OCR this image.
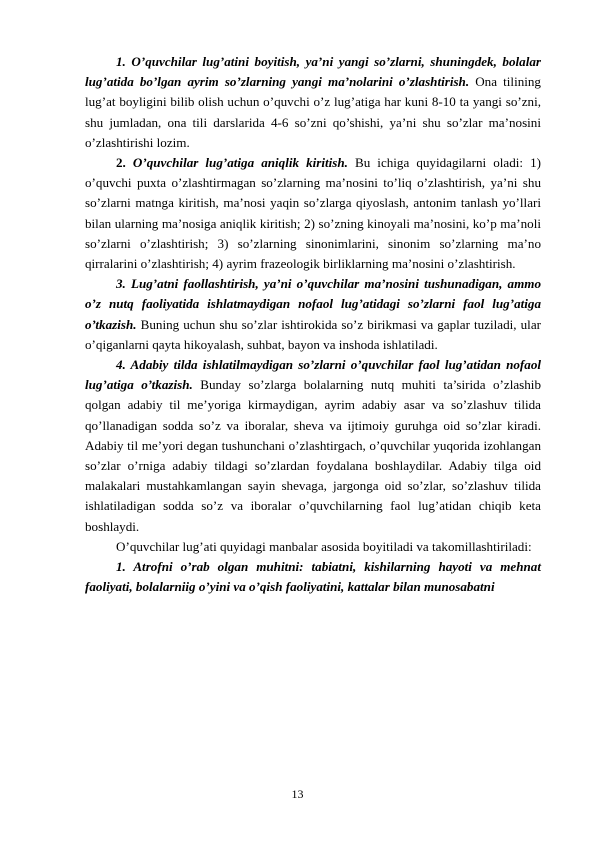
1. O’quvchilar lug’atini boyitish, ya’ni yangi so’zlarni, shuningdek, bolalar lug’atida bo’lgan ayrim so’zlarning yangi ma’nolarini o’zlashtirish. Ona tilining lug’at boyligini bilib olish uchun o’quvchi o’z lug’atiga har kuni 8-10 ta yangi so’zni, shu jumladan, ona tili darslarida 4-6 so’zni qo’shishi, ya’ni shu so’zlar ma’nosini o’zlashtirishi lozim.

2. O’quvchilar lug’atiga aniqlik kiritish. Bu ichiga quyidagilarni oladi: 1) o’quvchi puxta o’zlashtirmagan so’zlarning ma’nosini to’liq o’zlashtirish, ya’ni shu so’zlarni matnga kiritish, ma’nosi yaqin so’zlarga qiyoslash, antonim tanlash yo’llari bilan ularning ma’nosiga aniqlik kiritish; 2) so’zning kinoyali ma’nosini, ko’p ma’noli so’zlarni o’zlashtirish; 3) so’zlarning sinonimlarini, sinonim so’zlarning ma’no qirralarini o’zlashtirish; 4) ayrim frazeologik birliklarning ma’nosini o’zlashtirish.

3. Lug’atni faollashtirish, ya’ni o’quvchilar ma’nosini tushunadigan, ammo o’z nutq faoliyatida ishlatmaydigan nofaol lug’atidagi so’zlarni faol lug’atiga o’tkazish. Buning uchun shu so’zlar ishtirokida so’z birikmasi va gaplar tuziladi, ular o’qiganlarni qayta hikoyalash, suhbat, bayon va inshoda ishlatiladi.

4. Adabiy tilda ishlatilmaydigan so’zlarni o’quvchilar faol lug’atidan nofaol lug’atiga o’tkazish. Bunday so’zlarga bolalarning nutq muhiti ta’sirida o’zlashib qolgan adabiy til me’yoriga kirmaydigan, ayrim adabiy asar va so’zlashuv tilida qo’llanadigan sodda so’z va iboralar, sheva va ijtimoiy guruhga oid so’zlar kiradi. Adabiy til me’yori degan tushunchani o’zlashtirgach, o’quvchilar yuqorida izohlangan so’zlar o’rniga adabiy tildagi so’zlardan foydalana boshlaydilar. Adabiy tilga oid malakalari mustahkamlangan sayin shevaga, jargonga oid so’zlar, so’zlashuv tilida ishlatiladigan sodda so’z va iboralar o’quvchilarning faol lug’atidan chiqib keta boshlaydi.

O’quvchilar lug’ati quyidagi manbalar asosida boyitiladi va takomillashtiriladi:

1. Atrofni o’rab olgan muhitni: tabiatni, kishilarning hayoti va mehnat faoliyati, bolalarniig o’yini va o’qish faoliyatini, kattalar bilan munosabatni

13
